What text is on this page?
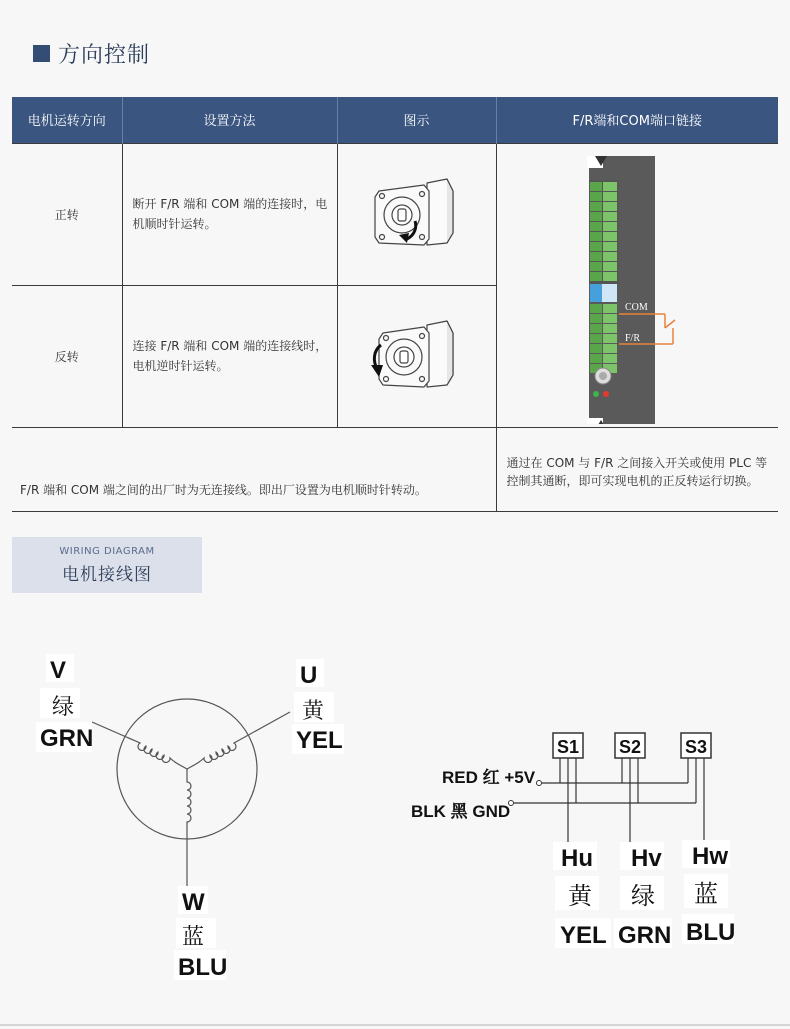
方向控制
电机运转方向	设置方法	图示	F/R端和COM端口链接
正转	断开 F/R 端和 COM 端的连接时，电机顺时针运转。		COM
F/R

反转	连接 F/R 端和 COM 端的连接线时，电机逆时针运转。	
F/R 端和 COM 端之间的出厂时为无连接线。即出厂设置为电机顺时针转动。			通过在 COM 与 F/R 之间接入开关或使用 PLC 等控制其通断，即可实现电机的正反转运行切换。
WIRING DIAGRAM
电机接线图
V
绿
GRN
U
黄
YEL
W
蓝
BLU
S1 S2 S3
RED 红 +5V
BLK 黑 GND
Hu
黄
YEL
Hv
绿
GRN
Hw
蓝
BLU
